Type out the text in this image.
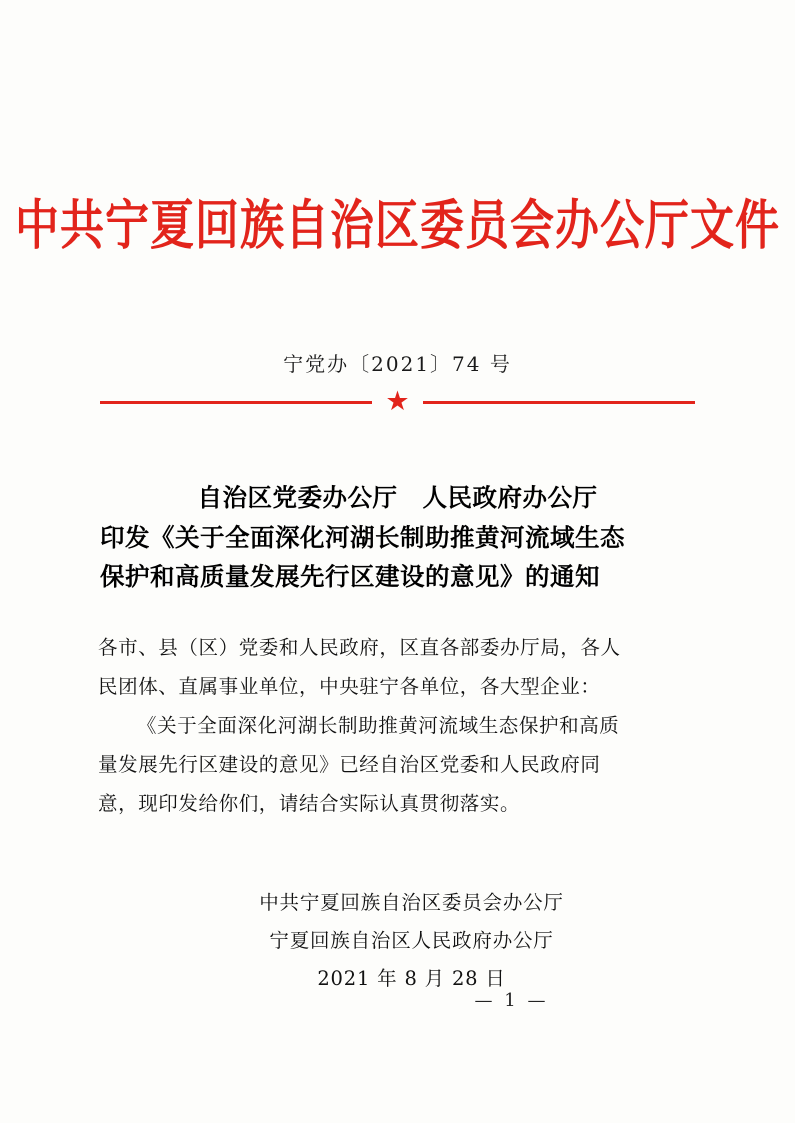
中共宁夏回族自治区委员会办公厅文件
宁党办〔2021〕74 号
★
自治区党委办公厅　人民政府办公厅
印发《关于全面深化河湖长制助推黄河流域生态
保护和高质量发展先行区建设的意见》的通知

各市、县（区）党委和人民政府，区直各部委办厅局，各人

民团体、直属事业单位，中央驻宁各单位，各大型企业：

《关于全面深化河湖长制助推黄河流域生态保护和高质

量发展先行区建设的意见》已经自治区党委和人民政府同

意，现印发给你们，请结合实际认真贯彻落实。

中共宁夏回族自治区委员会办公厅
宁夏回族自治区人民政府办公厅
2021 年 8 月 28 日
— 1 —
